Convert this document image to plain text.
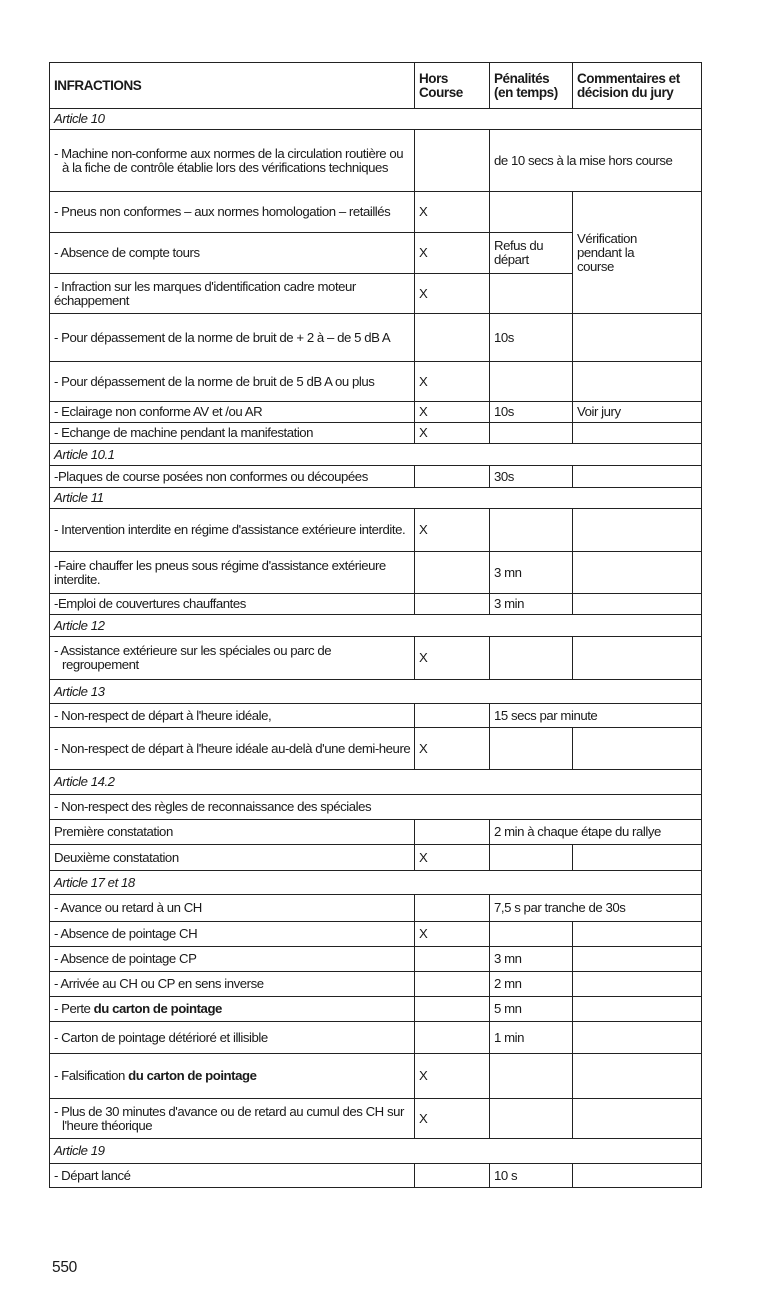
INFRACTIONS	Hors Course	Pénalités (en temps)	Commentaires et décision du jury
Article 10			

- Machine non-conforme aux normes de la circulation routière ou à la fiche de contrôle établie lors des vérifications techniques		de 10 secs à la mise hors course	
- Pneus non conformes – aux normes homologation – retaillés	X		Vérification pendant la course

- Absence de compte tours	X	Refus du départ	

- Infraction sur les marques d'identification cadre moteur échappement	X		

- Pour dépassement de la norme de bruit de + 2 à – de 5 dB A		10s	

- Pour dépassement de la norme de bruit de 5 dB A ou plus	X		
- Eclairage non conforme AV et /ou AR	X	10s	Voir jury
- Echange de machine pendant la manifestation	X		
Article 10.1			
-Plaques de course posées non conformes ou découpées		30s	
Article 11			

- Intervention interdite en régime d'assistance extérieure interdite.	X		
-Faire chauffer les pneus sous régime d'assistance extérieure interdite.		3 mn	
-Emploi de couvertures chauffantes		3 min	
Article 12			

- Assistance extérieure sur les spéciales ou parc de regroupement	X		
Article 13			
- Non-respect de départ à l'heure idéale,		15 secs par minute	

- Non-respect de départ à l'heure idéale au-delà d'une demi-heure	X		
Article 14.2			
- Non-respect des règles de reconnaissance des spéciales			
Première constatation		2 min à chaque étape du rallye	
Deuxième constatation	X		
Article 17 et 18			
- Avance ou retard à un CH		7,5 s par tranche de 30s	
- Absence de pointage CH	X		
- Absence de pointage CP		3 mn	
- Arrivée au CH ou CP en sens inverse		2 mn	
- Perte du carton de pointage		5 mn	
- Carton de pointage détérioré et illisible		1 min	
- Falsification du carton de pointage	X		

- Plus de 30 minutes d'avance ou de retard au cumul des CH sur l'heure théorique	X		
Article 19			
- Départ lancé		10 s	
550
